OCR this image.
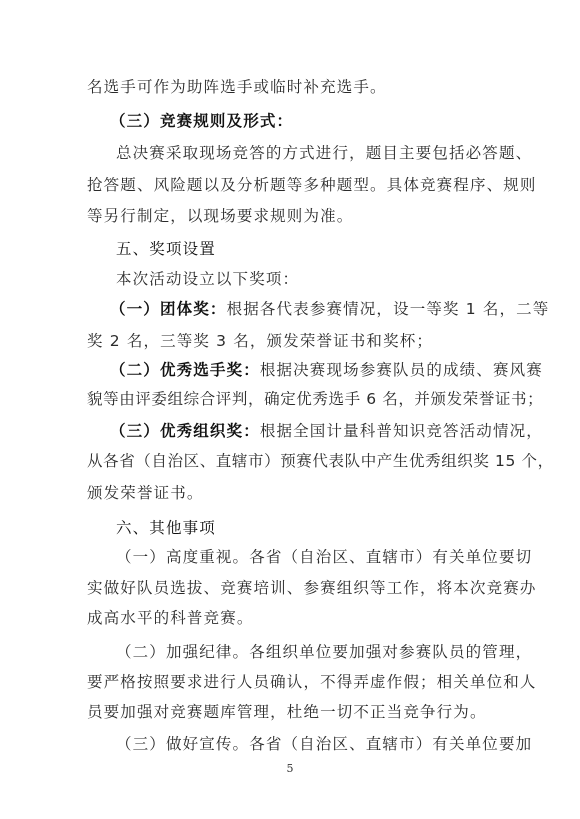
名选手可作为助阵选手或临时补充选手。
（三）竞赛规则及形式：
总决赛采取现场竞答的方式进行，题目主要包括必答题、
抢答题、风险题以及分析题等多种题型。具体竞赛程序、规则
等另行制定，以现场要求规则为准。
五、奖项设置
本次活动设立以下奖项：
（一）团体奖：根据各代表参赛情况，设一等奖 1 名，二等
奖 2 名，三等奖 3 名，颁发荣誉证书和奖杯；
（二）优秀选手奖：根据决赛现场参赛队员的成绩、赛风赛
貌等由评委组综合评判，确定优秀选手 6 名，并颁发荣誉证书；
（三）优秀组织奖：根据全国计量科普知识竞答活动情况，
从各省（自治区、直辖市）预赛代表队中产生优秀组织奖 15 个，
颁发荣誉证书。
六、其他事项
（一）高度重视。各省（自治区、直辖市）有关单位要切
实做好队员选拔、竞赛培训、参赛组织等工作，将本次竞赛办
成高水平的科普竞赛。
（二）加强纪律。各组织单位要加强对参赛队员的管理，
要严格按照要求进行人员确认，不得弄虚作假；相关单位和人
员要加强对竞赛题库管理，杜绝一切不正当竞争行为。
（三）做好宣传。各省（自治区、直辖市）有关单位要加
5
